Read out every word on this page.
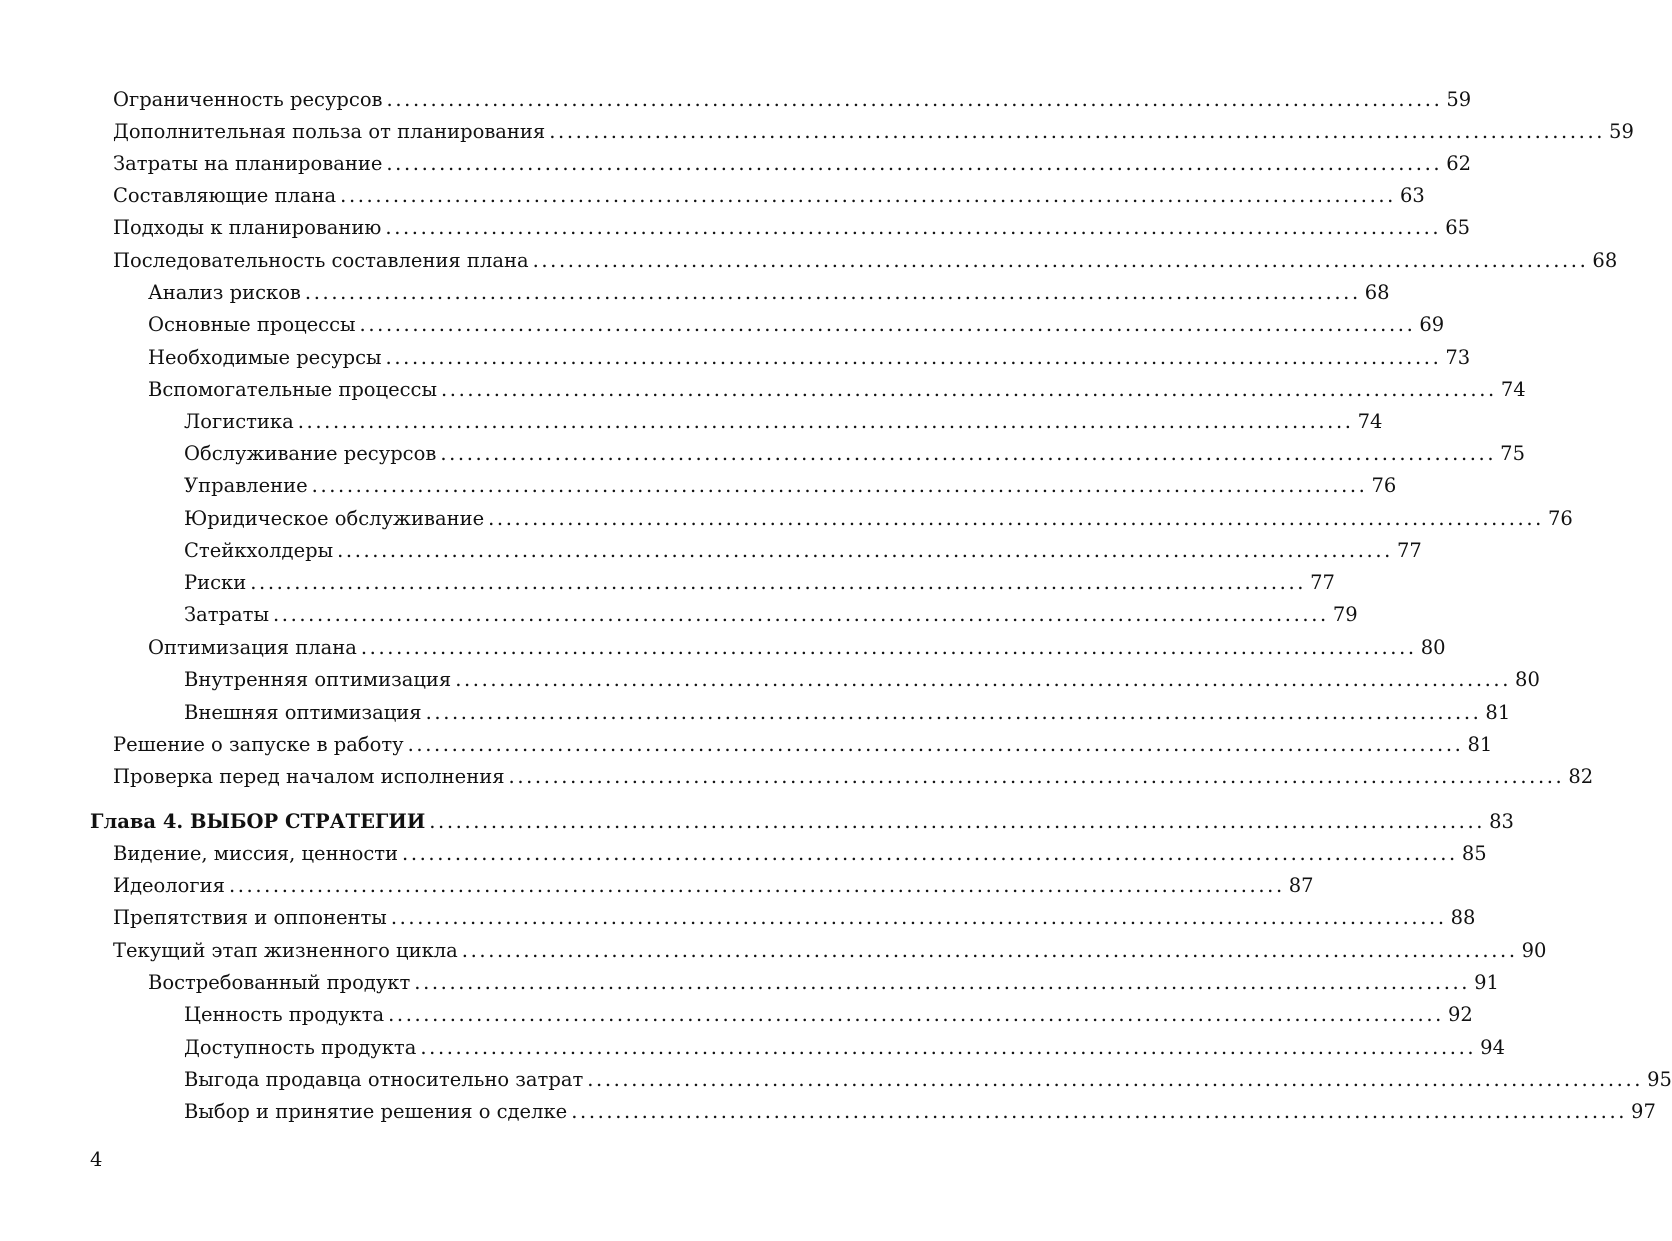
Ограниченность ресурсов ........................................................................................................................ 59
Дополнительная польза от планирования ........................................................................................................................ 59
Затраты на планирование ........................................................................................................................ 62
Составляющие плана ........................................................................................................................ 63
Подходы к планированию ........................................................................................................................ 65
Последовательность составления плана ........................................................................................................................ 68
Анализ рисков ........................................................................................................................ 68
Основные процессы ........................................................................................................................ 69
Необходимые ресурсы ........................................................................................................................ 73
Вспомогательные процессы ........................................................................................................................ 74
Логистика ........................................................................................................................ 74
Обслуживание ресурсов ........................................................................................................................ 75
Управление ........................................................................................................................ 76
Юридическое обслуживание ........................................................................................................................ 76
Стейкхолдеры ........................................................................................................................ 77
Риски ........................................................................................................................ 77
Затраты ........................................................................................................................ 79
Оптимизация плана ........................................................................................................................ 80
Внутренняя оптимизация ........................................................................................................................ 80
Внешняя оптимизация ........................................................................................................................ 81
Решение о запуске в работу ........................................................................................................................ 81
Проверка перед началом исполнения ........................................................................................................................ 82
Глава 4. ВЫБОР СТРАТЕГИИ ........................................................................................................................ 83
Видение, миссия, ценности ........................................................................................................................ 85
Идеология ........................................................................................................................ 87
Препятствия и оппоненты ........................................................................................................................ 88
Текущий этап жизненного цикла ........................................................................................................................ 90
Востребованный продукт ........................................................................................................................ 91
Ценность продукта ........................................................................................................................ 92
Доступность продукта ........................................................................................................................ 94
Выгода продавца относительно затрат ........................................................................................................................ 95
Выбор и принятие решения о сделке ........................................................................................................................ 97
4
